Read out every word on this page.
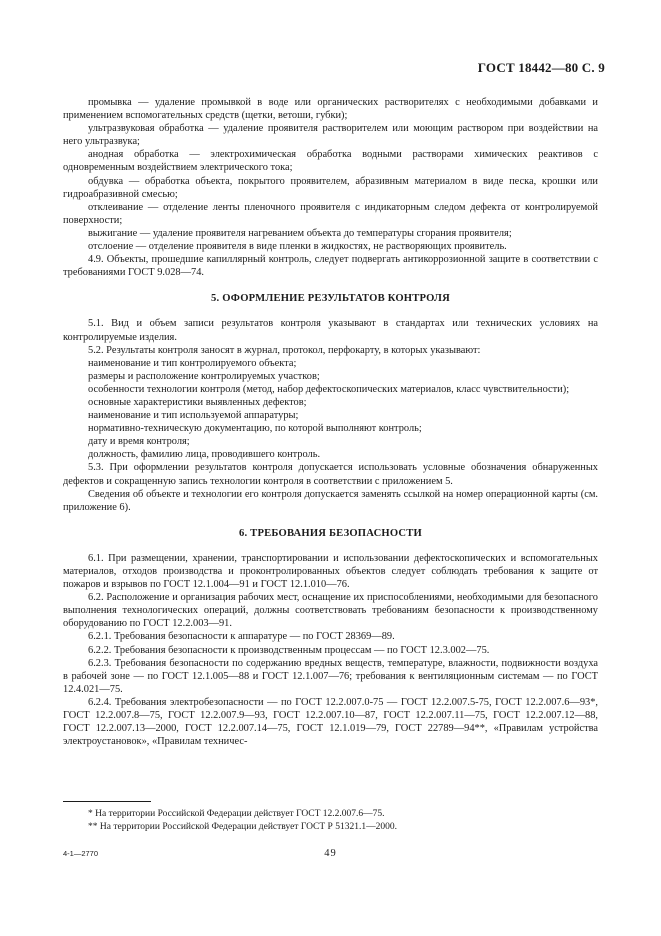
ГОСТ 18442—80 С. 9

промывка — удаление промывкой в воде или органических растворителях с необходимыми добавками и применением вспомогательных средств (щетки, ветоши, губки);

ультразвуковая обработка — удаление проявителя растворителем или моющим раствором при воздействии на него ультразвука;

анодная обработка — электрохимическая обработка водными растворами химических реактивов с одновременным воздействием электрического тока;

обдувка — обработка объекта, покрытого проявителем, абразивным материалом в виде песка, крошки или гидроабразивной смесью;

отклеивание — отделение ленты пленочного проявителя с индикаторным следом дефекта от контролируемой поверхности;

выжигание — удаление проявителя нагреванием объекта до температуры сгорания проявителя;

отслоение — отделение проявителя в виде пленки в жидкостях, не растворяющих проявитель.

4.9. Объекты, прошедшие капиллярный контроль, следует подвергать антикоррозионной защите в соответствии с требованиями ГОСТ 9.028—74.

5. ОФОРМЛЕНИЕ РЕЗУЛЬТАТОВ КОНТРОЛЯ

5.1. Вид и объем записи результатов контроля указывают в стандартах или технических условиях на контролируемые изделия.

5.2. Результаты контроля заносят в журнал, протокол, перфокарту, в которых указывают:

наименование и тип контролируемого объекта;

размеры и расположение контролируемых участков;

особенности технологии контроля (метод, набор дефектоскопических материалов, класс чувствительности);

основные характеристики выявленных дефектов;

наименование и тип используемой аппаратуры;

нормативно-техническую документацию, по которой выполняют контроль;

дату и время контроля;

должность, фамилию лица, проводившего контроль.

5.3. При оформлении результатов контроля допускается использовать условные обозначения обнаруженных дефектов и сокращенную запись технологии контроля в соответствии с приложением 5.

Сведения об объекте и технологии его контроля допускается заменять ссылкой на номер операционной карты (см. приложение 6).

6. ТРЕБОВАНИЯ БЕЗОПАСНОСТИ

6.1. При размещении, хранении, транспортировании и использовании дефектоскопических и вспомогательных материалов, отходов производства и проконтролированных объектов следует соблюдать требования к защите от пожаров и взрывов по ГОСТ 12.1.004—91 и ГОСТ 12.1.010—76.

6.2. Расположение и организация рабочих мест, оснащение их приспособлениями, необходимыми для безопасного выполнения технологических операций, должны соответствовать требованиям безопасности к производственному оборудованию по ГОСТ 12.2.003—91.

6.2.1. Требования безопасности к аппаратуре — по ГОСТ 28369—89.

6.2.2. Требования безопасности к производственным процессам — по ГОСТ 12.3.002—75.

6.2.3. Требования безопасности по содержанию вредных веществ, температуре, влажности, подвижности воздуха в рабочей зоне — по ГОСТ 12.1.005—88 и ГОСТ 12.1.007—76; требования к вентиляционным системам — по ГОСТ 12.4.021—75.

6.2.4. Требования электробезопасности — по ГОСТ 12.2.007.0-75 — ГОСТ 12.2.007.5-75, ГОСТ 12.2.007.6—93*, ГОСТ 12.2.007.8—75, ГОСТ 12.2.007.9—93, ГОСТ 12.2.007.10—87, ГОСТ 12.2.007.11—75, ГОСТ 12.2.007.12—88, ГОСТ 12.2.007.13—2000, ГОСТ 12.2.007.14—75, ГОСТ 12.1.019—79, ГОСТ 22789—94**, «Правилам устройства электроустановок», «Правилам техничес-

* На территории Российской Федерации действует ГОСТ 12.2.007.6—75.

** На территории Российской Федерации действует ГОСТ Р 51321.1—2000.

4-1—2770	49
